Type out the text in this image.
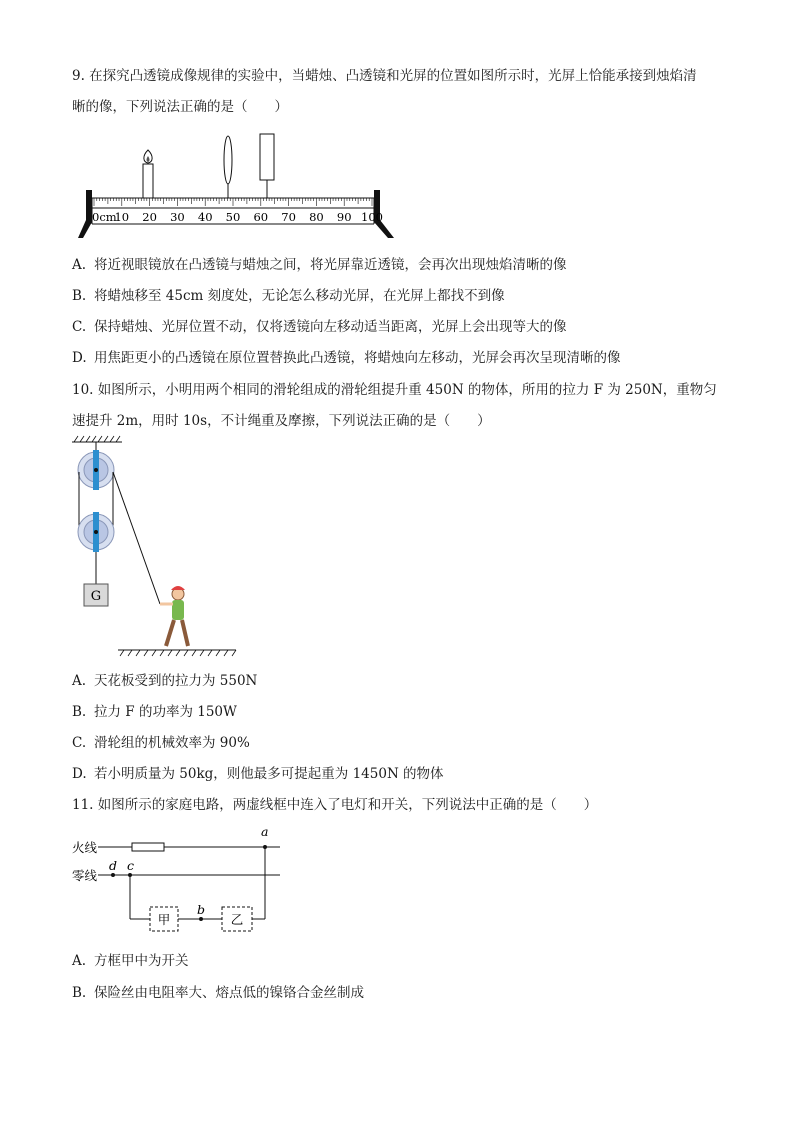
9. 在探究凸透镜成像规律的实验中，当蜡烛、凸透镜和光屏的位置如图所示时，光屏上恰能承接到烛焰清
晰的像，下列说法正确的是（　　）
0cm
10 20 30 40 50 60 70 80 90 100
A. 将近视眼镜放在凸透镜与蜡烛之间，将光屏靠近透镜，会再次出现烛焰清晰的像
B. 将蜡烛移至 45cm 刻度处，无论怎么移动光屏，在光屏上都找不到像
C. 保持蜡烛、光屏位置不动，仅将透镜向左移动适当距离，光屏上会出现等大的像
D. 用焦距更小的凸透镜在原位置替换此凸透镜，将蜡烛向左移动，光屏会再次呈现清晰的像
10. 如图所示，小明用两个相同的滑轮组成的滑轮组提升重 450N 的物体，所用的拉力 F 为 250N，重物匀
速提升 2m，用时 10s，不计绳重及摩擦，下列说法正确的是（　　）
G
A. 天花板受到的拉力为 550N
B. 拉力 F 的功率为 150W
C. 滑轮组的机械效率为 90%
D. 若小明质量为 50kg，则他最多可提起重为 1450N 的物体
11. 如图所示的家庭电路，两虚线框中连入了电灯和开关，下列说法中正确的是（　　）
火线
零线
d c
a
甲
b
乙
A. 方框甲中为开关
B. 保险丝由电阻率大、熔点低的镍铬合金丝制成
